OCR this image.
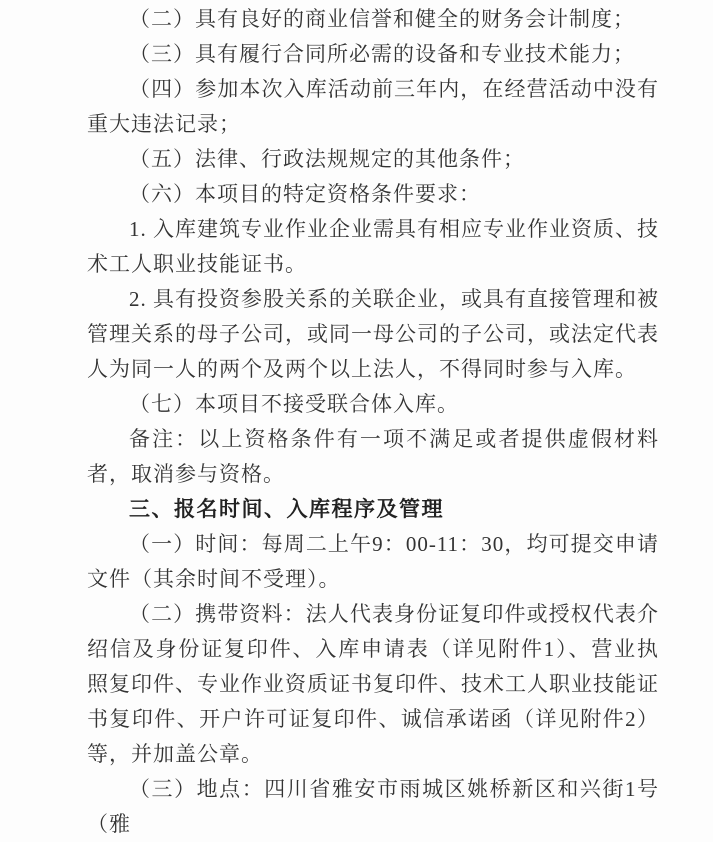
（二）具有良好的商业信誉和健全的财务会计制度；

（三）具有履行合同所必需的设备和专业技术能力；

（四）参加本次入库活动前三年内，在经营活动中没有重大违法记录；

（五）法律、行政法规规定的其他条件；

（六）本项目的特定资格条件要求：

1. 入库建筑专业作业企业需具有相应专业作业资质、技术工人职业技能证书。

2. 具有投资参股关系的关联企业，或具有直接管理和被管理关系的母子公司，或同一母公司的子公司，或法定代表人为同一人的两个及两个以上法人，不得同时参与入库。

（七）本项目不接受联合体入库。

备注：以上资格条件有一项不满足或者提供虚假材料者，取消参与资格。

三、报名时间、入库程序及管理

（一）时间：每周二上午9：00-11：30，均可提交申请文件（其余时间不受理）。

（二）携带资料：法人代表身份证复印件或授权代表介绍信及身份证复印件、入库申请表（详见附件1）、营业执照复印件、专业作业资质证书复印件、技术工人职业技能证书复印件、开户许可证复印件、诚信承诺函（详见附件2）等，并加盖公章。

（三）地点：四川省雅安市雨城区姚桥新区和兴街1号（雅
